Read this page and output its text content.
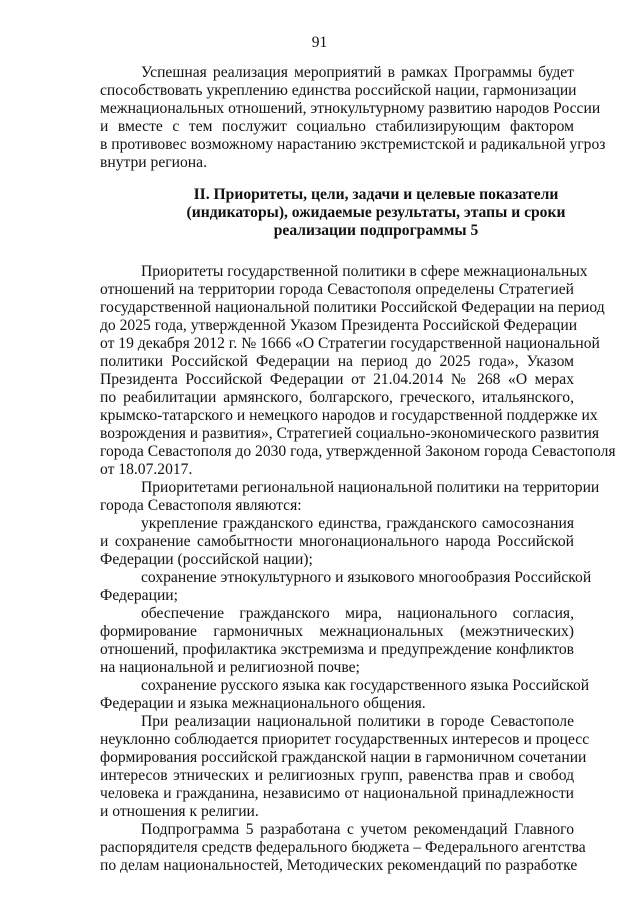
91
Успешная реализация мероприятий в рамках Программы будет
способствовать укреплению единства российской нации, гармонизации
межнациональных отношений, этнокультурному развитию народов России
и вместе с тем послужит социально стабилизирующим фактором
в противовес возможному нарастанию экстремистской и радикальной угроз
внутри региона.
II. Приоритеты, цели, задачи и целевые показатели
(индикаторы), ожидаемые результаты, этапы и сроки
реализации подпрограммы 5
Приоритеты государственной политики в сфере межнациональных
отношений на территории города Севастополя определены Стратегией
государственной национальной политики Российской Федерации на период
до 2025 года, утвержденной Указом Президента Российской Федерации
от 19 декабря 2012 г. № 1666 «О Стратегии государственной национальной
политики Российской Федерации на период до 2025 года», Указом
Президента Российской Федерации от 21.04.2014 № 268 «О мерах
по реабилитации армянского, болгарского, греческого, итальянского,
крымско-татарского и немецкого народов и государственной поддержке их
возрождения и развития», Стратегией социально-экономического развития
города Севастополя до 2030 года, утвержденной Законом города Севастополя
от 18.07.2017.
Приоритетами региональной национальной политики на территории
города Севастополя являются:
укрепление гражданского единства, гражданского самосознания
и сохранение самобытности многонационального народа Российской
Федерации (российской нации);
сохранение этнокультурного и языкового многообразия Российской
Федерации;
обеспечение гражданского мира, национального согласия,
формирование гармоничных межнациональных (межэтнических)
отношений, профилактика экстремизма и предупреждение конфликтов
на национальной и религиозной почве;
сохранение русского языка как государственного языка Российской
Федерации и языка межнационального общения.
При реализации национальной политики в городе Севастополе
неуклонно соблюдается приоритет государственных интересов и процесс
формирования российской гражданской нации в гармоничном сочетании
интересов этнических и религиозных групп, равенства прав и свобод
человека и гражданина, независимо от национальной принадлежности
и отношения к религии.
Подпрограмма 5 разработана с учетом рекомендаций Главного
распорядителя средств федерального бюджета – Федерального агентства
по делам национальностей, Методических рекомендаций по разработке
